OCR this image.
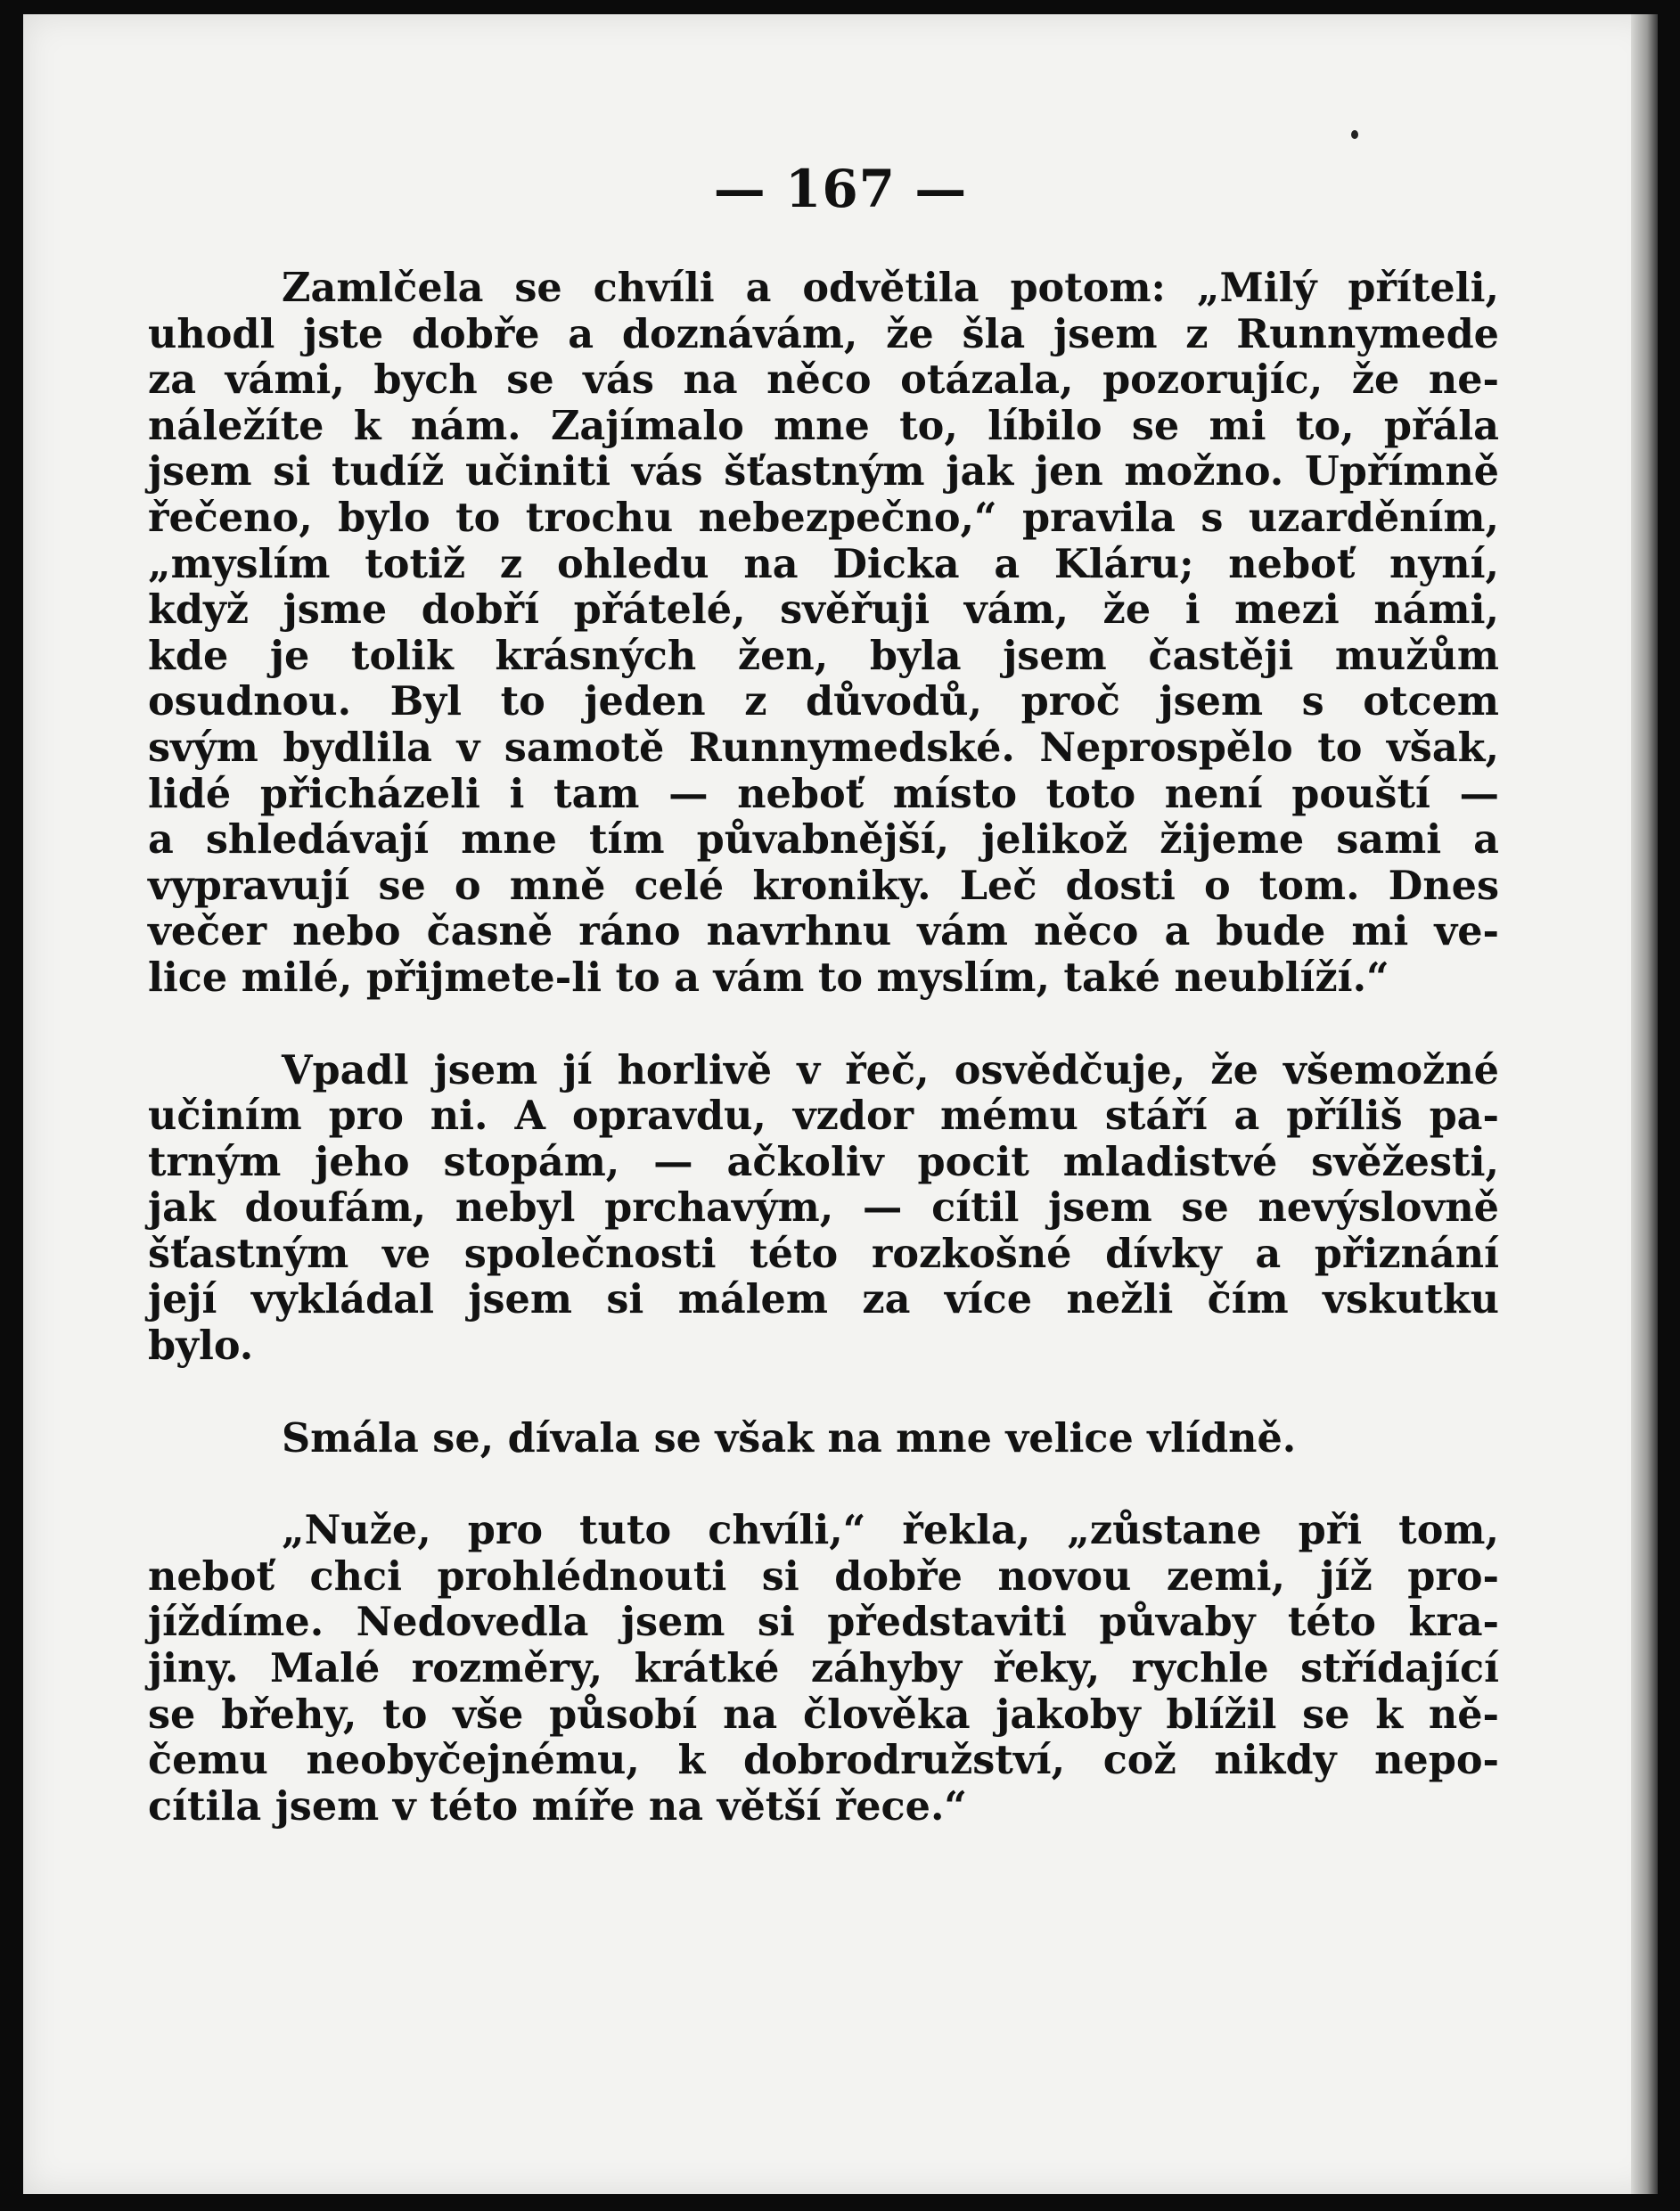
— 167 —
Zamlčela se chvíli a odvětila potom: „Milý příteli,
uhodl jste dobře a doznávám, že šla jsem z Runnymede
za vámi, bych se vás na něco otázala, pozorujíc, že ne-
náležíte k nám. Zajímalo mne to, líbilo se mi to, přála
jsem si tudíž učiniti vás šťastným jak jen možno. Upřímně
řečeno, bylo to trochu nebezpečno,“ pravila s uzarděním,
„myslím totiž z ohledu na Dicka a Kláru; neboť nyní,
když jsme dobří přátelé, svěřuji vám, že i mezi námi,
kde je tolik krásných žen, byla jsem častěji mužům
osudnou. Byl to jeden z důvodů, proč jsem s otcem
svým bydlila v samotě Runnymedské. Neprospělo to však,
lidé přicházeli i tam — neboť místo toto není pouští —
a shledávají mne tím půvabnější, jelikož žijeme sami a
vypravují se o mně celé kroniky. Leč dosti o tom. Dnes
večer nebo časně ráno navrhnu vám něco a bude mi ve-
lice milé, přijmete-li to a vám to myslím, také neublíží.“
Vpadl jsem jí horlivě v řeč, osvědčuje, že všemožné
učiním pro ni. A opravdu, vzdor mému stáří a příliš pa-
trným jeho stopám, — ačkoliv pocit mladistvé svěžesti,
jak doufám, nebyl prchavým, — cítil jsem se nevýslovně
šťastným ve společnosti této rozkošné dívky a přiznání
její vykládal jsem si málem za více nežli čím vskutku
bylo.
Smála se, dívala se však na mne velice vlídně.
„Nuže, pro tuto chvíli,“ řekla, „zůstane při tom,
neboť chci prohlédnouti si dobře novou zemi, jíž pro-
jíždíme. Nedovedla jsem si představiti půvaby této kra-
jiny. Malé rozměry, krátké záhyby řeky, rychle střídající
se břehy, to vše působí na člověka jakoby blížil se k ně-
čemu neobyčejnému, k dobrodružství, což nikdy nepo-
cítila jsem v této míře na větší řece.“
